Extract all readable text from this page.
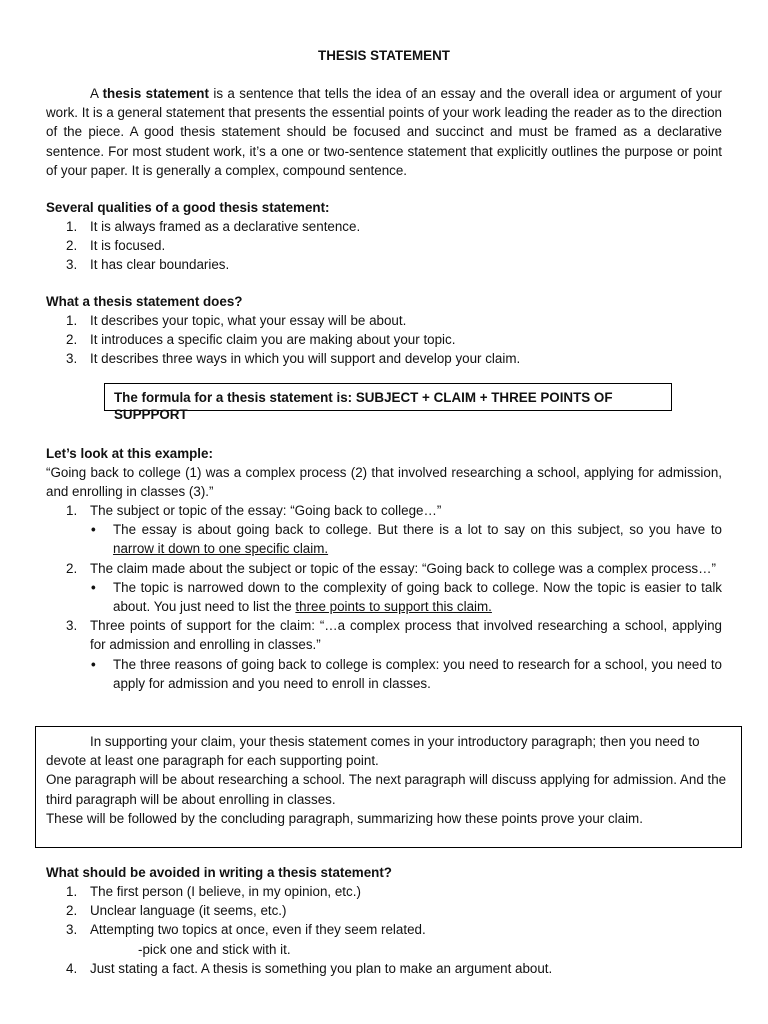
THESIS STATEMENT
A thesis statement is a sentence that tells the idea of an essay and the overall idea or argument of your work. It is a general statement that presents the essential points of your work leading the reader as to the direction of the piece. A good thesis statement should be focused and succinct and must be framed as a declarative sentence. For most student work, it’s a one or two-sentence statement that explicitly outlines the purpose or point of your paper. It is generally a complex, compound sentence.
Several qualities of a good thesis statement:
1. It is always framed as a declarative sentence.
2. It is focused.
3. It has clear boundaries.
What a thesis statement does?
1. It describes your topic, what your essay will be about.
2. It introduces a specific claim you are making about your topic.
3. It describes three ways in which you will support and develop your claim.
The formula for a thesis statement is: SUBJECT + CLAIM + THREE POINTS OF SUPPPORT
Let’s look at this example:
“Going back to college (1) was a complex process (2) that involved researching a school, applying for admission, and enrolling in classes (3).”
1. The subject or topic of the essay: “Going back to college…”
• The essay is about going back to college. But there is a lot to say on this subject, so you have to narrow it down to one specific claim.
2. The claim made about the subject or topic of the essay: “Going back to college was a complex process…”
• The topic is narrowed down to the complexity of going back to college. Now the topic is easier to talk about. You just need to list the three points to support this claim.
3. Three points of support for the claim: “…a complex process that involved researching a school, applying for admission and enrolling in classes.”
• The three reasons of going back to college is complex: you need to research for a school, you need to apply for admission and you need to enroll in classes.
In supporting your claim, your thesis statement comes in your introductory paragraph; then you need to devote at least one paragraph for each supporting point.
One paragraph will be about researching a school. The next paragraph will discuss applying for admission. And the third paragraph will be about enrolling in classes.
These will be followed by the concluding paragraph, summarizing how these points prove your claim.
What should be avoided in writing a thesis statement?
1. The first person (I believe, in my opinion, etc.)
2. Unclear language (it seems, etc.)
3. Attempting two topics at once, even if they seem related.
-pick one and stick with it.
4. Just stating a fact. A thesis is something you plan to make an argument about.
